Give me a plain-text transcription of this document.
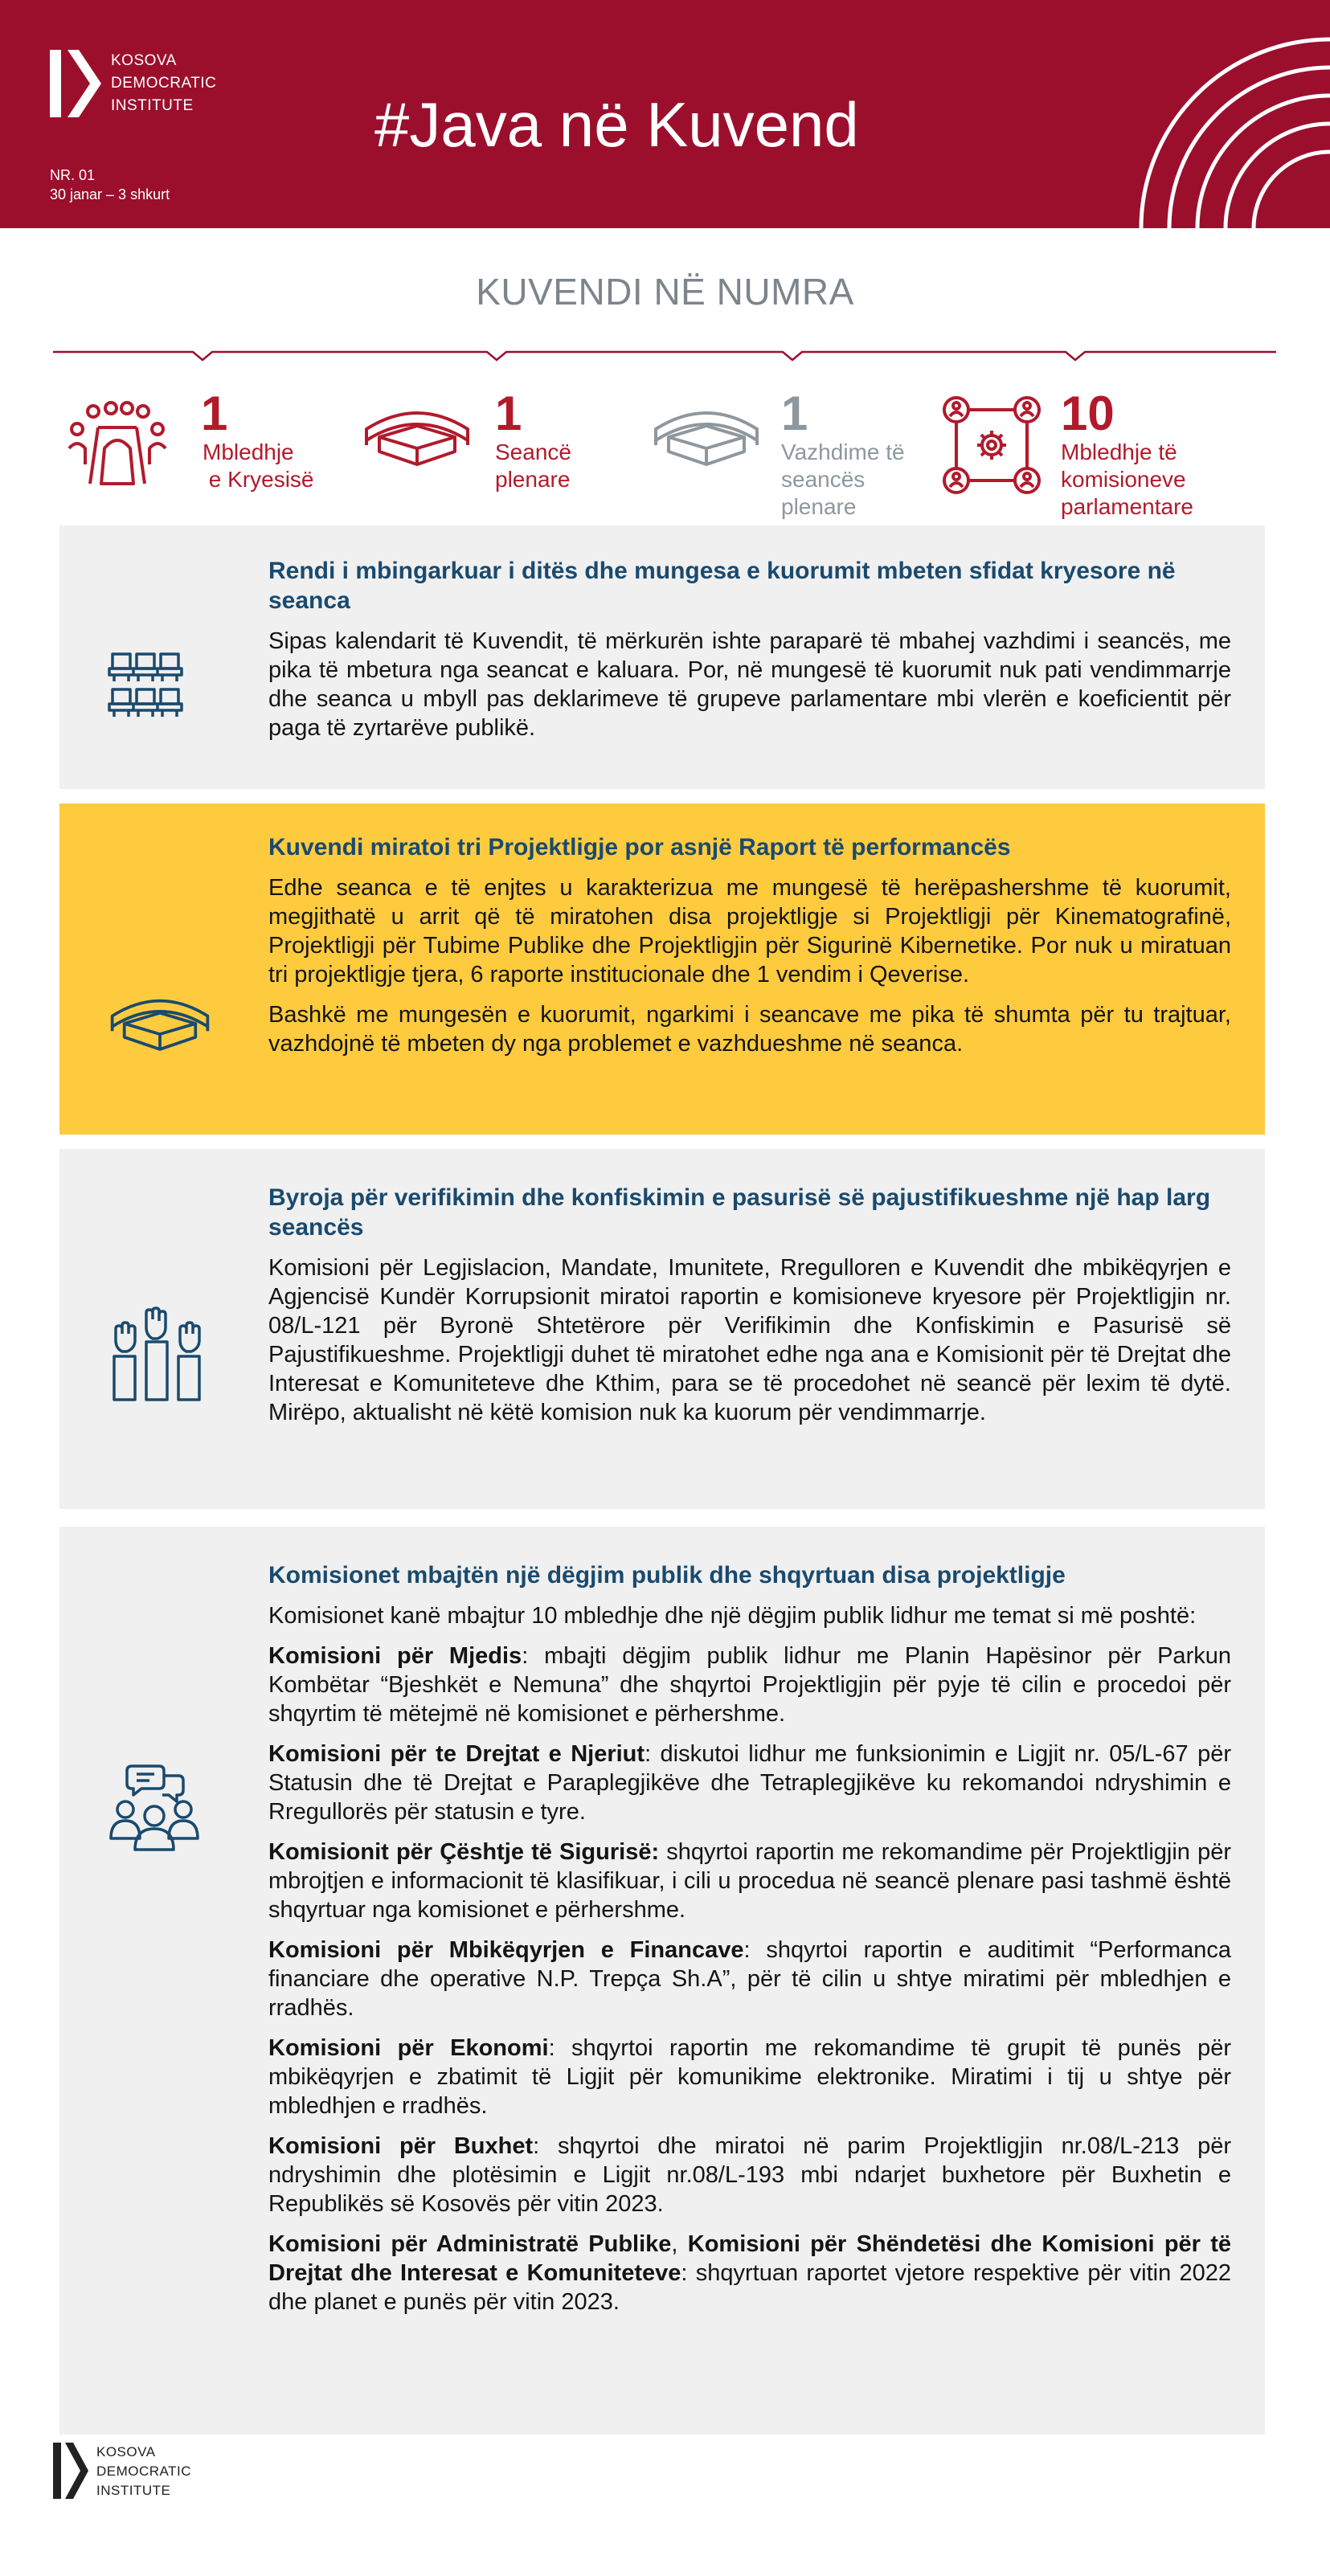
KOSOVA
DEMOCRATIC
INSTITUTE
NR. 01
30 janar – 3 shkurt
#Java në Kuvend
KUVENDI NË NUMRA
1
Mbledhje
e Kryesisë
1
Seancë
plenare
1
Vazhdime të
seancës
plenare
10
Mbledhje të
komisioneve
parlamentare
Rendi i mbingarkuar i ditës dhe mungesa e kuorumit mbeten sfidat kryesore në seanca

Sipas kalendarit të Kuvendit, të mërkurën ishte paraparë të mbahej vazhdimi i seancës, me pika të mbetura nga seancat e kaluara. Por, në mungesë të kuorumit nuk pati vendimmarrje dhe seanca u mbyll pas deklarimeve të grupeve parlamentare mbi vlerën e koeficientit për paga të zyrtarëve publikë.

Kuvendi miratoi tri Projektligje por asnjë Raport të performancës

Edhe seanca e të enjtes u karakterizua me mungesë të herëpashershme të kuorumit, megjithatë u arrit që të miratohen disa projektligje si Projektligji për Kinematografinë, Projektligji për Tubime Publike dhe Projektligjin për Sigurinë Kibernetike. Por nuk u miratuan tri projektligje tjera, 6 raporte institucionale dhe 1 vendim i Qeverise.

Bashkë me mungesën e kuorumit, ngarkimi i seancave me pika të shumta për tu trajtuar, vazhdojnë të mbeten dy nga problemet e vazhdueshme në seanca.

Byroja për verifikimin dhe konfiskimin e pasurisë së pajustifikueshme një hap larg seancës

Komisioni për Legjislacion, Mandate, Imunitete, Rregulloren e Kuvendit dhe mbikëqyrjen e Agjencisë Kundër Korrupsionit miratoi raportin e komisioneve kryesore për Projektligjin nr. 08/L-121 për Byronë Shtetërore për Verifikimin dhe Konfiskimin e Pasurisë së Pajustifikueshme. Projektligji duhet të miratohet edhe nga ana e Komisionit për të Drejtat dhe Interesat e Komuniteteve dhe Kthim, para se të procedohet në seancë për lexim të dytë. Mirëpo, aktualisht në këtë komision nuk ka kuorum për vendimmarrje.

Komisionet mbajtën një dëgjim publik dhe shqyrtuan disa projektligje

Komisionet kanë mbajtur 10 mbledhje dhe një dëgjim publik lidhur me temat si më poshtë:

Komisioni për Mjedis: mbajti dëgjim publik lidhur me Planin Hapësinor për Parkun Kombëtar “Bjeshkët e Nemuna” dhe shqyrtoi Projektligjin për pyje të cilin e procedoi për shqyrtim të mëtejmë në komisionet e përhershme.

Komisioni për te Drejtat e Njeriut: diskutoi lidhur me funksionimin e Ligjit nr. 05/L-67 për Statusin dhe të Drejtat e Paraplegjikëve dhe Tetraplegjikëve ku rekomandoi ndryshimin e Rregullorës për statusin e tyre.

Komisionit për Çështje të Sigurisë: shqyrtoi raportin me rekomandime për Projektligjin për mbrojtjen e informacionit të klasifikuar, i cili u procedua në seancë plenare pasi tashmë është shqyrtuar nga komisionet e përhershme.

Komisioni për Mbikëqyrjen e Financave: shqyrtoi raportin e auditimit “Performanca financiare dhe operative N.P. Trepça Sh.A”, për të cilin u shtye miratimi për mbledhjen e rradhës.

Komisioni për Ekonomi: shqyrtoi raportin me rekomandime të grupit të punës për mbikëqyrjen e zbatimit të Ligjit për komunikime elektronike. Miratimi i tij u shtye për mbledhjen e rradhës.

Komisioni për Buxhet: shqyrtoi dhe miratoi në parim Projektligjin nr.08/L-213 për ndryshimin dhe plotësimin e Ligjit nr.08/L-193 mbi ndarjet buxhetore për Buxhetin e Republikës së Kosovës për vitin 2023.

Komisioni për Administratë Publike, Komisioni për Shëndetësi dhe Komisioni për të Drejtat dhe Interesat e Komuniteteve: shqyrtuan raportet vjetore respektive për vitin 2022 dhe planet e punës për vitin 2023.

KOSOVA
DEMOCRATIC
INSTITUTE
